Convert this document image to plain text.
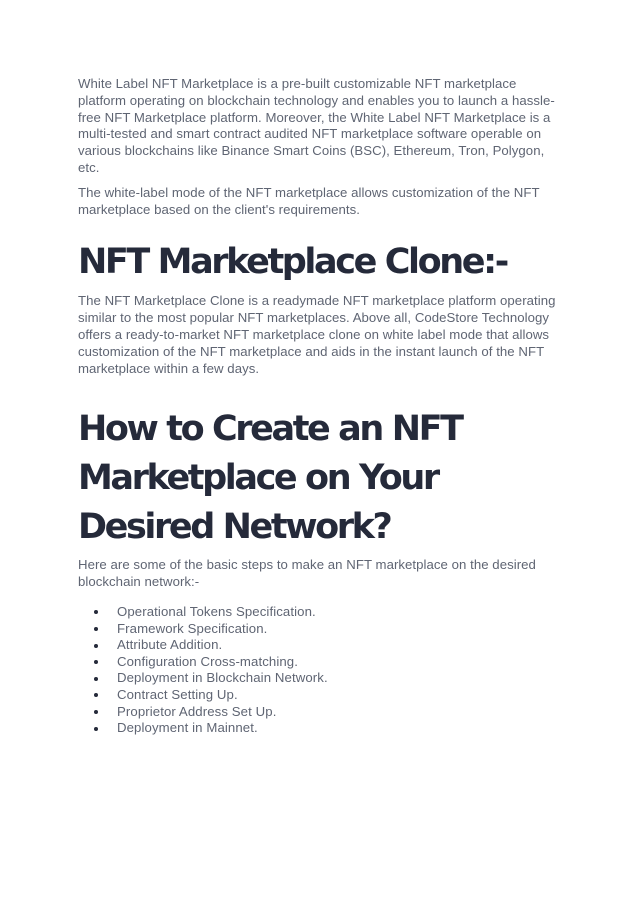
White Label NFT Marketplace is a pre-built customizable NFT marketplace platform operating on blockchain technology and enables you to launch a hassle-free NFT Marketplace platform. Moreover, the White Label NFT Marketplace is a multi-tested and smart contract audited NFT marketplace software operable on various blockchains like Binance Smart Coins (BSC), Ethereum, Tron, Polygon, etc.

The white-label mode of the NFT marketplace allows customization of the NFT marketplace based on the client's requirements.

NFT Marketplace Clone:-

The NFT Marketplace Clone is a readymade NFT marketplace platform operating similar to the most popular NFT marketplaces. Above all, CodeStore Technology offers a ready-to-market NFT marketplace clone on white label mode that allows customization of the NFT marketplace and aids in the instant launch of the NFT marketplace within a few days.

How to Create an NFT
Marketplace on Your
Desired Network?

Here are some of the basic steps to make an NFT marketplace on the desired blockchain network:-

Operational Tokens Specification.
Framework Specification.
Attribute Addition.
Configuration Cross-matching.
Deployment in Blockchain Network.
Contract Setting Up.
Proprietor Address Set Up.
Deployment in Mainnet.
